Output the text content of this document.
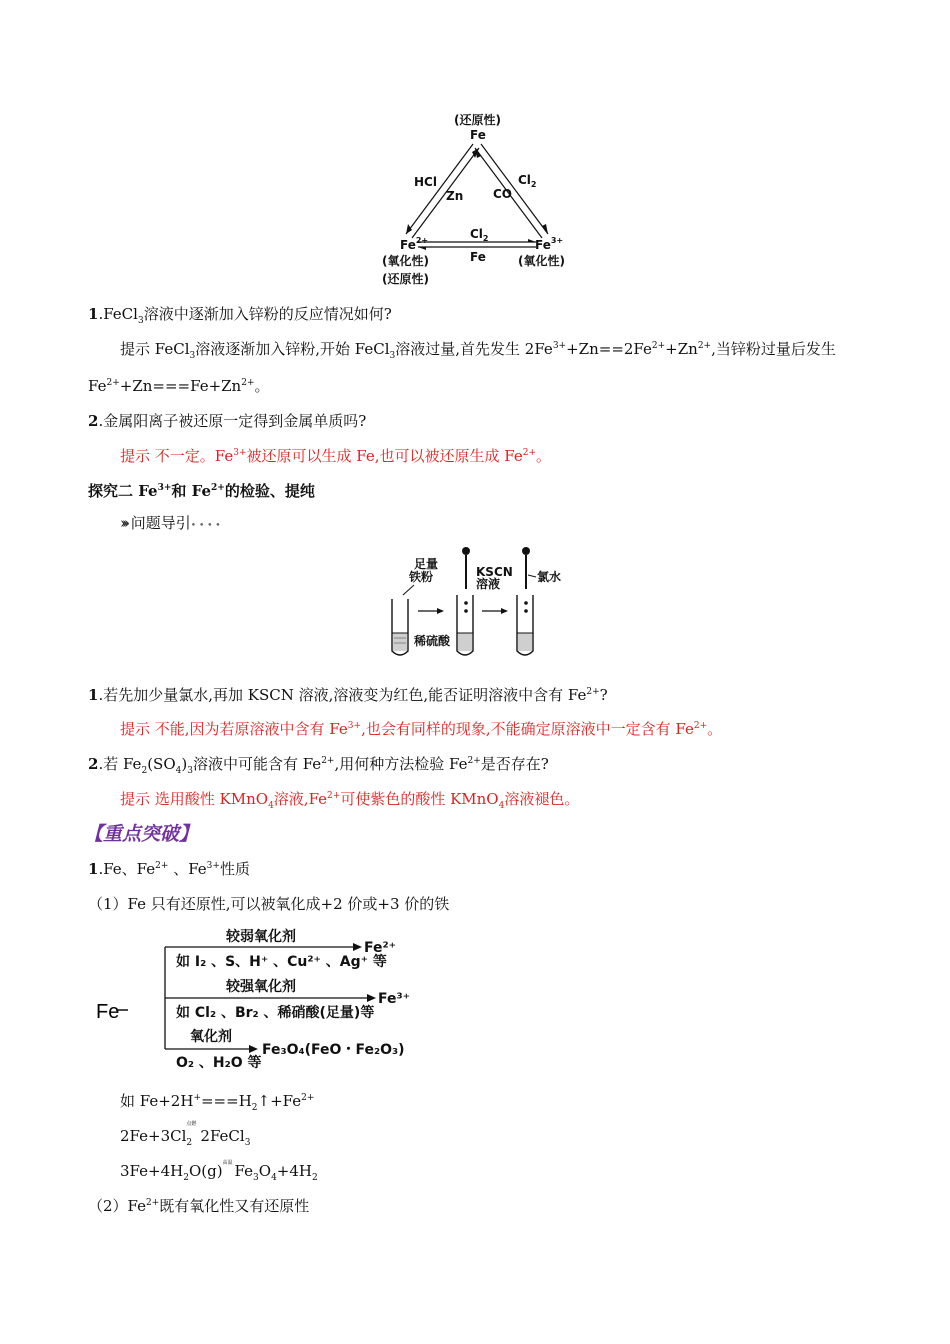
(还原性)
Fe
HCl
Zn
$Cl_2$
CO
$Cl_2$
Fe
$Fe^{2+}$
(氧化性)
(还原性)
$Fe^{3+}$
(氧化性)
1.FeCl$_3$溶液中逐渐加入锌粉的反应情况如何?
提示 FeCl$_3$溶液逐渐加入锌粉,开始 FeCl$_3$溶液过量,首先发生 $2Fe^{3+}+Zn==2Fe^{2+}+Zn^{2+}$,当锌粉过量后发生
$Fe^{2+}+Zn===Fe+Zn^{2+}$。
2.金属阳离子被还原一定得到金属单质吗?
提示 不一定。$Fe^{3+}$被还原可以生成 Fe,也可以被还原生成 $Fe^{2+}$。
探究二 $Fe^{3+}$和 $Fe^{2+}$的检验、提纯
››› 问题导引• • • •
足量
铁粉
稀硫酸
KSCN
溶液	氯水
1.若先加少量氯水,再加 KSCN 溶液,溶液变为红色,能否证明溶液中含有 $Fe^{2+}$?
提示 不能,因为若原溶液中含有 $Fe^{3+}$,也会有同样的现象,不能确定原溶液中一定含有 $Fe^{2+}$。
2.若 $Fe_2(SO_4)_3$溶液中可能含有 $Fe^{2+}$,用何种方法检验 $Fe^{2+}$是否存在?
提示 选用酸性 KMnO$_4$溶液$,Fe^{2+}$可使紫色的酸性 KMnO$_4$溶液褪色。
【重点突破】
1.Fe、$Fe^{2+}$ 、$Fe^{3+}$性质
（1）Fe 只有还原性,可以被氧化成+2 价或+3 价的铁
Fe
较弱氧化剂
如 I₂ 、S、H⁺ 、Cu²⁺ 、Ag⁺ 等
Fe²⁺
较强氧化剂
如 Cl₂ 、Br₂ 、稀硝酸(足量)等
Fe³⁺
氧化剂
O₂ 、H₂O 等
Fe₃O₄(FeO・Fe₂O₃)
如 $Fe+2H^+===H_2↑+Fe^{2+}$
2Fe+3Cl
点燃
$_2$ 2FeCl$_3$
$3Fe+4H_2O(g)$高温 $Fe_3O_4+4H_2$
$(2)Fe^{2+}$既有氧化性又有还原性
